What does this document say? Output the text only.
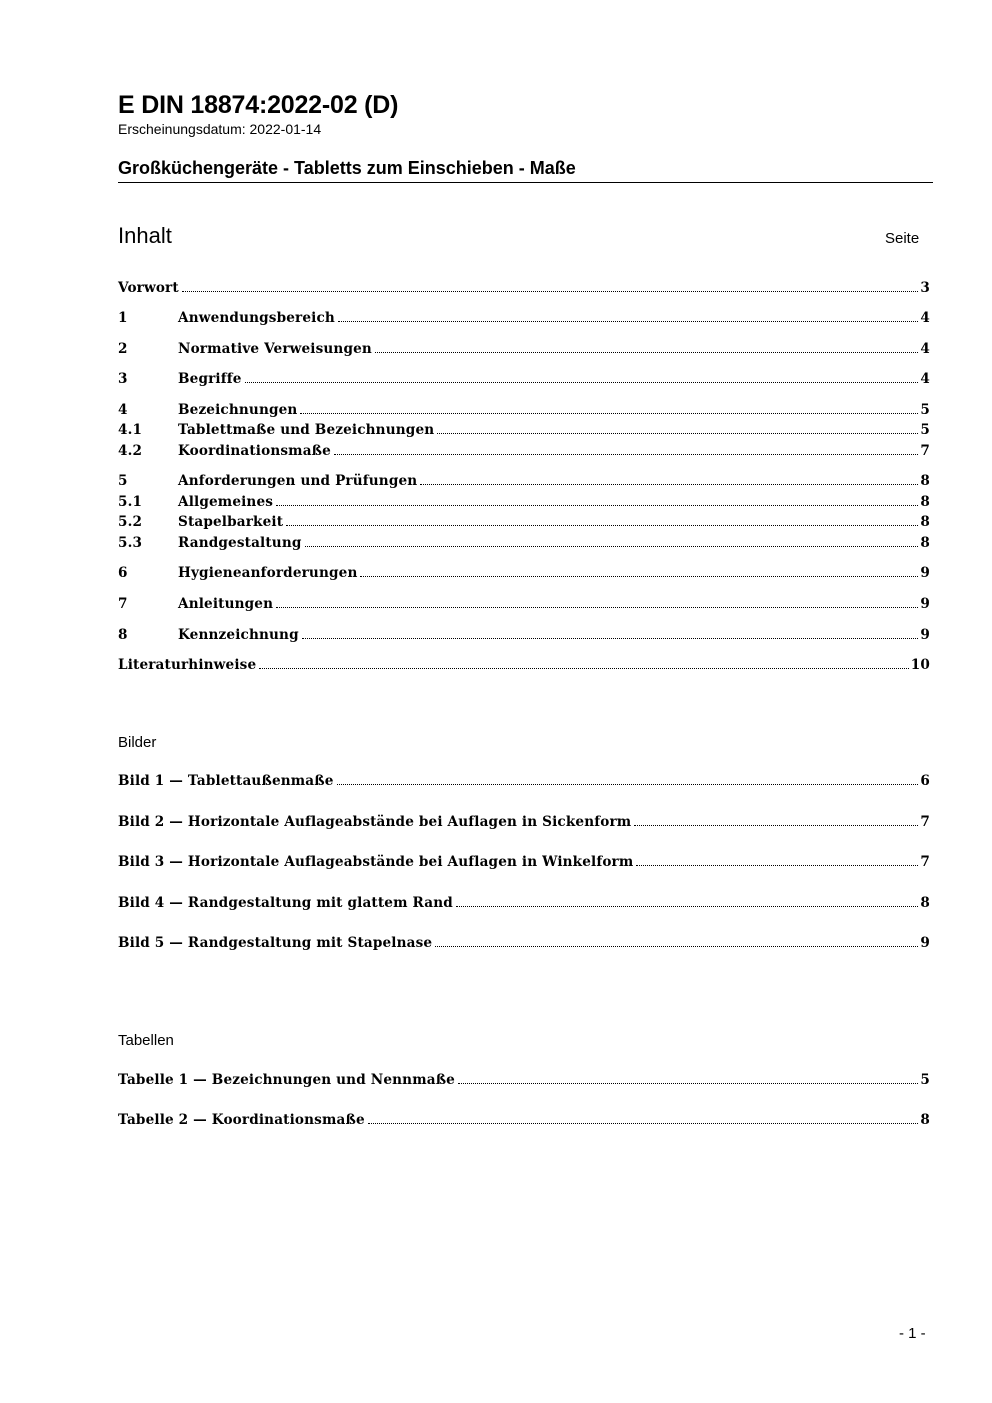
E DIN 18874:2022-02 (D)
Erscheinungsdatum: 2022-01-14
Großküchengeräte - Tabletts zum Einschieben - Maße
Inhalt	Seite
Vorwort	3
1	Anwendungsbereich	4
2	Normative Verweisungen	4
3	Begriffe	4
4	Bezeichnungen	5
4.1	Tablettmaße und Bezeichnungen	5
4.2	Koordinationsmaße	7
5	Anforderungen und Prüfungen	8
5.1	Allgemeines	8
5.2	Stapelbarkeit	8
5.3	Randgestaltung	8
6	Hygieneanforderungen	9
7	Anleitungen	9
8	Kennzeichnung	9
Literaturhinweise	10
Bilder
Bild 1 — Tablettaußenmaße	6
Bild 2 — Horizontale Auflageabstände bei Auflagen in Sickenform	7
Bild 3 — Horizontale Auflageabstände bei Auflagen in Winkelform	7
Bild 4 — Randgestaltung mit glattem Rand	8
Bild 5 — Randgestaltung mit Stapelnase	9
Tabellen
Tabelle 1 — Bezeichnungen und Nennmaße	5
Tabelle 2 — Koordinationsmaße	8
- 1 -
